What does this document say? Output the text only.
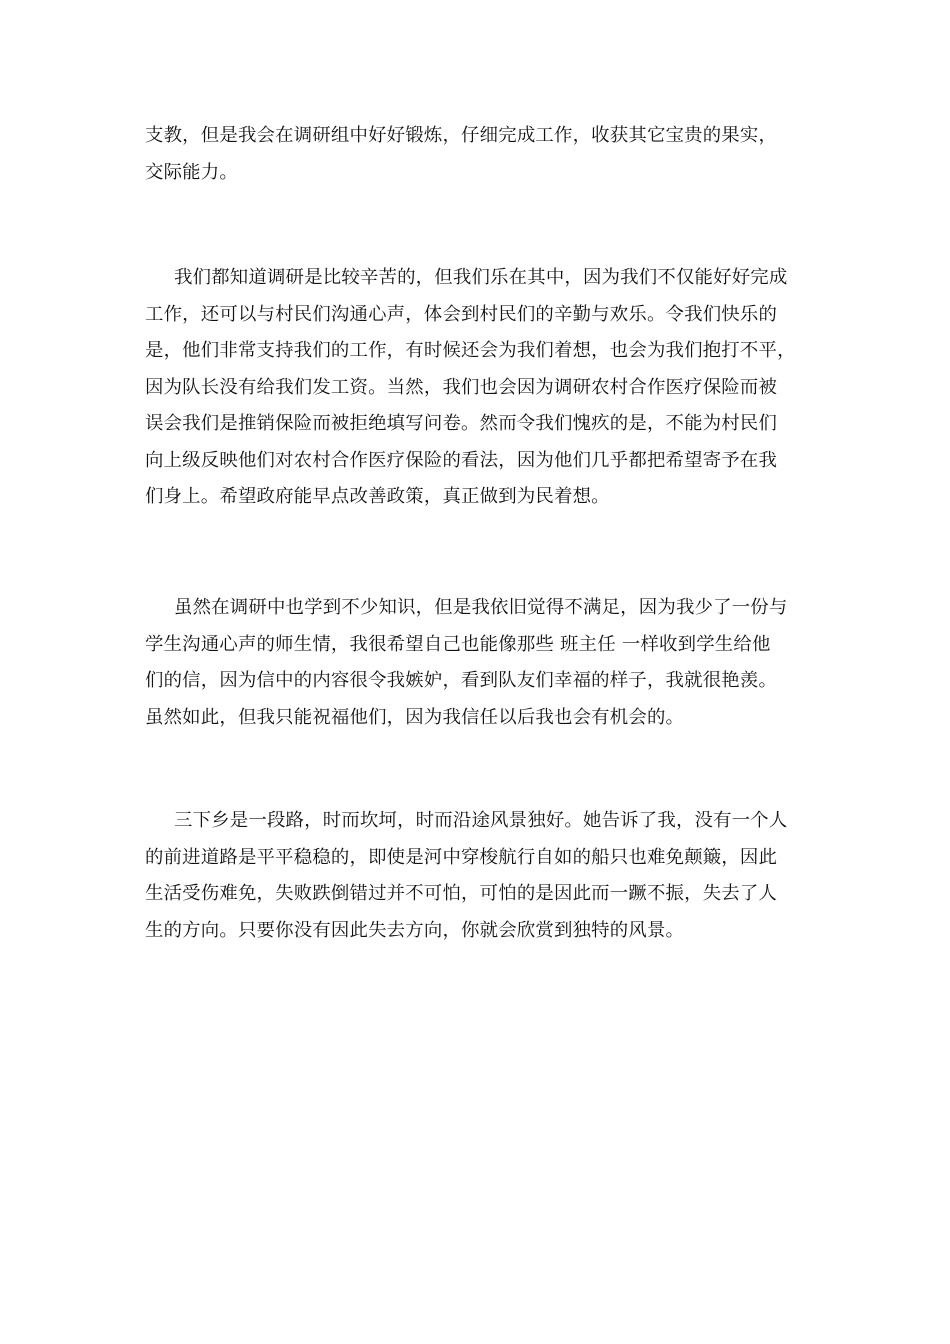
支教，但是我会在调研组中好好锻炼，仔细完成工作，收获其它宝贵的果实，
交际能力。
我们都知道调研是比较辛苦的，但我们乐在其中，因为我们不仅能好好完成
工作，还可以与村民们沟通心声，体会到村民们的辛勤与欢乐。令我们快乐的
是，他们非常支持我们的工作，有时候还会为我们着想，也会为我们抱打不平，
因为队长没有给我们发工资。当然，我们也会因为调研农村合作医疗保险而被
误会我们是推销保险而被拒绝填写问卷。然而令我们愧疚的是，不能为村民们
向上级反映他们对农村合作医疗保险的看法，因为他们几乎都把希望寄予在我
们身上。希望政府能早点改善政策，真正做到为民着想。
虽然在调研中也学到不少知识，但是我依旧觉得不满足，因为我少了一份与
学生沟通心声的师生情，我很希望自己也能像那些 班主任 一样收到学生给他
们的信，因为信中的内容很令我嫉妒，看到队友们幸福的样子，我就很艳羡。
虽然如此，但我只能祝福他们，因为我信任以后我也会有机会的。
三下乡是一段路，时而坎坷，时而沿途风景独好。她告诉了我，没有一个人
的前进道路是平平稳稳的，即使是河中穿梭航行自如的船只也难免颠簸，因此
生活受伤难免，失败跌倒错过并不可怕，可怕的是因此而一蹶不振，失去了人
生的方向。只要你没有因此失去方向，你就会欣赏到独特的风景。
